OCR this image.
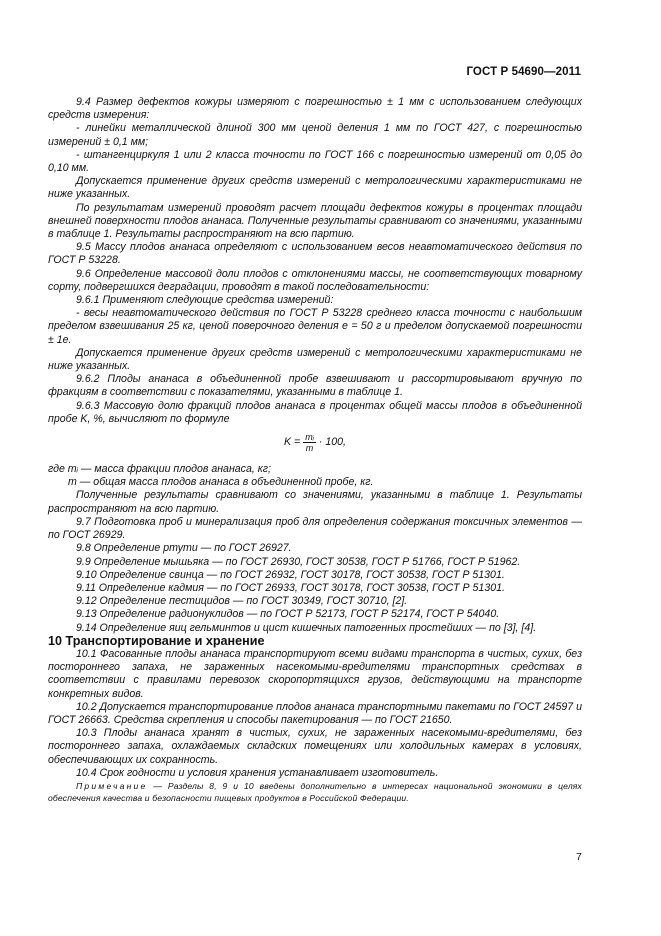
ГОСТ Р 54690—2011

9.4 Размер дефектов кожуры измеряют с погрешностью ± 1 мм с использованием следующих средств измерения:

- линейки металлической длиной 300 мм ценой деления 1 мм по ГОСТ 427, с погрешностью измерений ± 0,1 мм;

- штангенциркуля 1 или 2 класса точности по ГОСТ 166 с погрешностью измерений от 0,05 до 0,10 мм.

Допускается применение других средств измерений с метрологическими характеристиками не ниже указанных.

По результатам измерений проводят расчет площади дефектов кожуры в процентах площади внешней поверхности плодов ананаса. Полученные результаты сравнивают со значениями, указанными в таблице 1. Результаты распространяют на всю партию.

9.5 Массу плодов ананаса определяют с использованием весов неавтоматического действия по ГОСТ Р 53228.

9.6 Определение массовой доли плодов с отклонениями массы, не соответствующих товарному сорту, подвергшихся деградации, проводят в такой последовательности:

9.6.1 Применяют следующие средства измерений:

- весы неавтоматического действия по ГОСТ Р 53228 среднего класса точности с наибольшим пределом взвешивания 25 кг, ценой поверочного деления е = 50 г и пределом допускаемой погрешности ± 1е.

Допускается применение других средств измерений с метрологическими характеристиками не ниже указанных.

9.6.2 Плоды ананаса в объединенной пробе взвешивают и рассортировывают вручную по фракциям в соответствии с показателями, указанными в таблице 1.

9.6.3 Массовую долю фракций плодов ананаса в процентах общей массы плодов в объединенной пробе K, %, вычисляют по формуле

$K = \frac{\text{mᵢ}}{m} \cdot 100$,

где mᵢ — масса фракции плодов ананаса, кг;

m — общая масса плодов ананаса в объединенной пробе, кг.

Полученные результаты сравнивают со значениями, указанными в таблице 1. Результаты распространяют на всю партию.

9.7 Подготовка проб и минерализация проб для определения содержания токсичных элементов — по ГОСТ 26929.

9.8 Определение ртути — по ГОСТ 26927.

9.9 Определение мышьяка — по ГОСТ 26930, ГОСТ 30538, ГОСТ Р 51766, ГОСТ Р 51962.

9.10 Определение свинца — по ГОСТ 26932, ГОСТ 30178, ГОСТ 30538, ГОСТ Р 51301.

9.11 Определение кадмия — по ГОСТ 26933, ГОСТ 30178, ГОСТ 30538, ГОСТ Р 51301.

9.12 Определение пестицидов — по ГОСТ 30349, ГОСТ 30710, [2].

9.13 Определение радионуклидов — по ГОСТ Р 52173, ГОСТ Р 52174, ГОСТ Р 54040.

9.14 Определение яиц гельминтов и цист кишечных патогенных простейших — по [3], [4].

10 Транспортирование и хранение

10.1 Фасованные плоды ананаса транспортируют всеми видами транспорта в чистых, сухих, без постороннего запаха, не зараженных насекомыми-вредителями транспортных средствах в соответствии с правилами перевозок скоропортящихся грузов, действующими на транспорте конкретных видов.

10.2 Допускается транспортирование плодов ананаса транспортными пакетами по ГОСТ 24597 и ГОСТ 26663. Средства скрепления и способы пакетирования — по ГОСТ 21650.

10.3 Плоды ананаса хранят в чистых, сухих, не зараженных насекомыми-вредителями, без постороннего запаха, охлаждаемых складских помещениях или холодильных камерах в условиях, обеспечивающих их сохранность.

10.4 Срок годности и условия хранения устанавливает изготовитель.

Примечание — Разделы 8, 9 и 10 введены дополнительно в интересах национальной экономики в целях обеспечения качества и безопасности пищевых продуктов в Российской Федерации.

7
